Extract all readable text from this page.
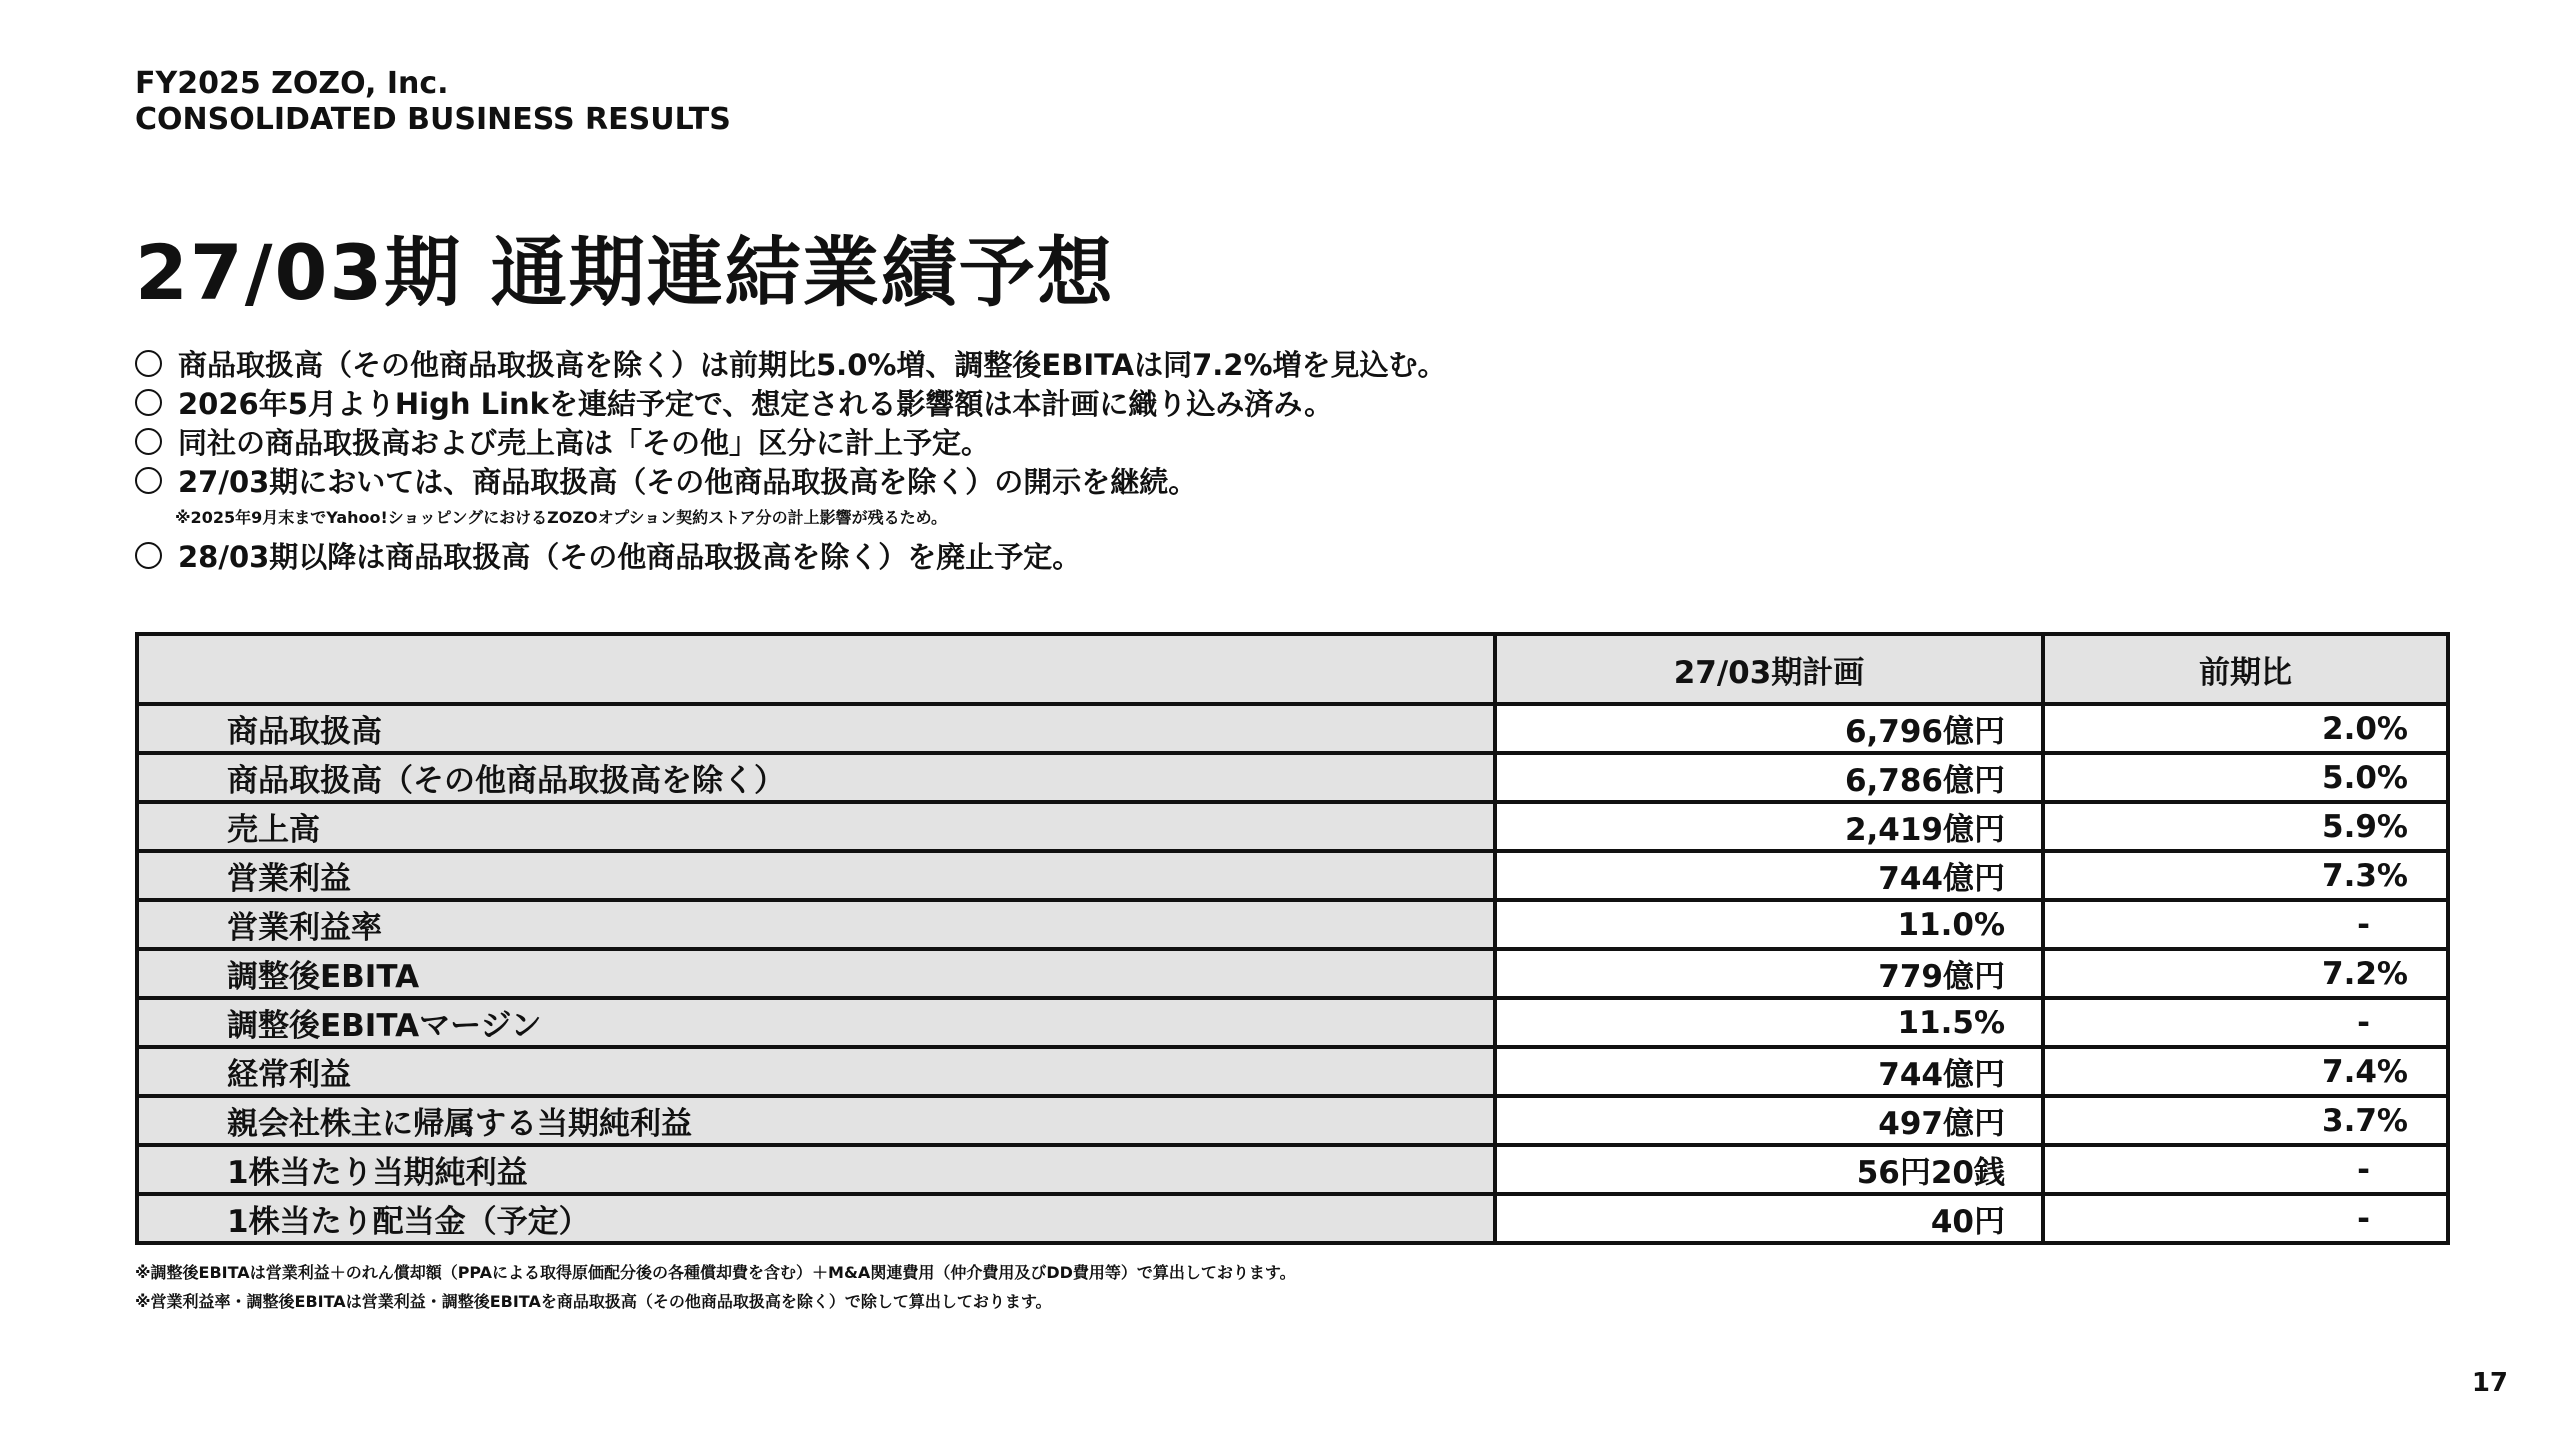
FY2025 ZOZO, Inc.
CONSOLIDATED BUSINESS RESULTS
27/03期 通期連結業績予想
商品取扱高（その他商品取扱高を除く）は前期比5.0%増、調整後EBITAは同7.2%増を見込む。
2026年5月よりHigh Linkを連結予定で、想定される影響額は本計画に織り込み済み。
同社の商品取扱高および売上高は「その他」区分に計上予定。
27/03期においては、商品取扱高（その他商品取扱高を除く）の開示を継続。
※2025年9月末までYahoo!ショッピングにおけるZOZOオプション契約ストア分の計上影響が残るため。
28/03期以降は商品取扱高（その他商品取扱高を除く）を廃止予定。
	27/03期計画	前期比
商品取扱高	6,796億円	2.0%
商品取扱高（その他商品取扱高を除く）	6,786億円	5.0%
売上高	2,419億円	5.9%
営業利益	744億円	7.3%
営業利益率	11.0%	-
調整後EBITA	779億円	7.2%
調整後EBITAマージン	11.5%	-
経常利益	744億円	7.4%
親会社株主に帰属する当期純利益	497億円	3.7%
1株当たり当期純利益	56円20銭	-
1株当たり配当金（予定）	40円	-
※調整後EBITAは営業利益＋のれん償却額（PPAによる取得原価配分後の各種償却費を含む）＋M&A関連費用（仲介費用及びDD費用等）で算出しております。
※営業利益率・調整後EBITAは営業利益・調整後EBITAを商品取扱高（その他商品取扱高を除く）で除して算出しております。
17
